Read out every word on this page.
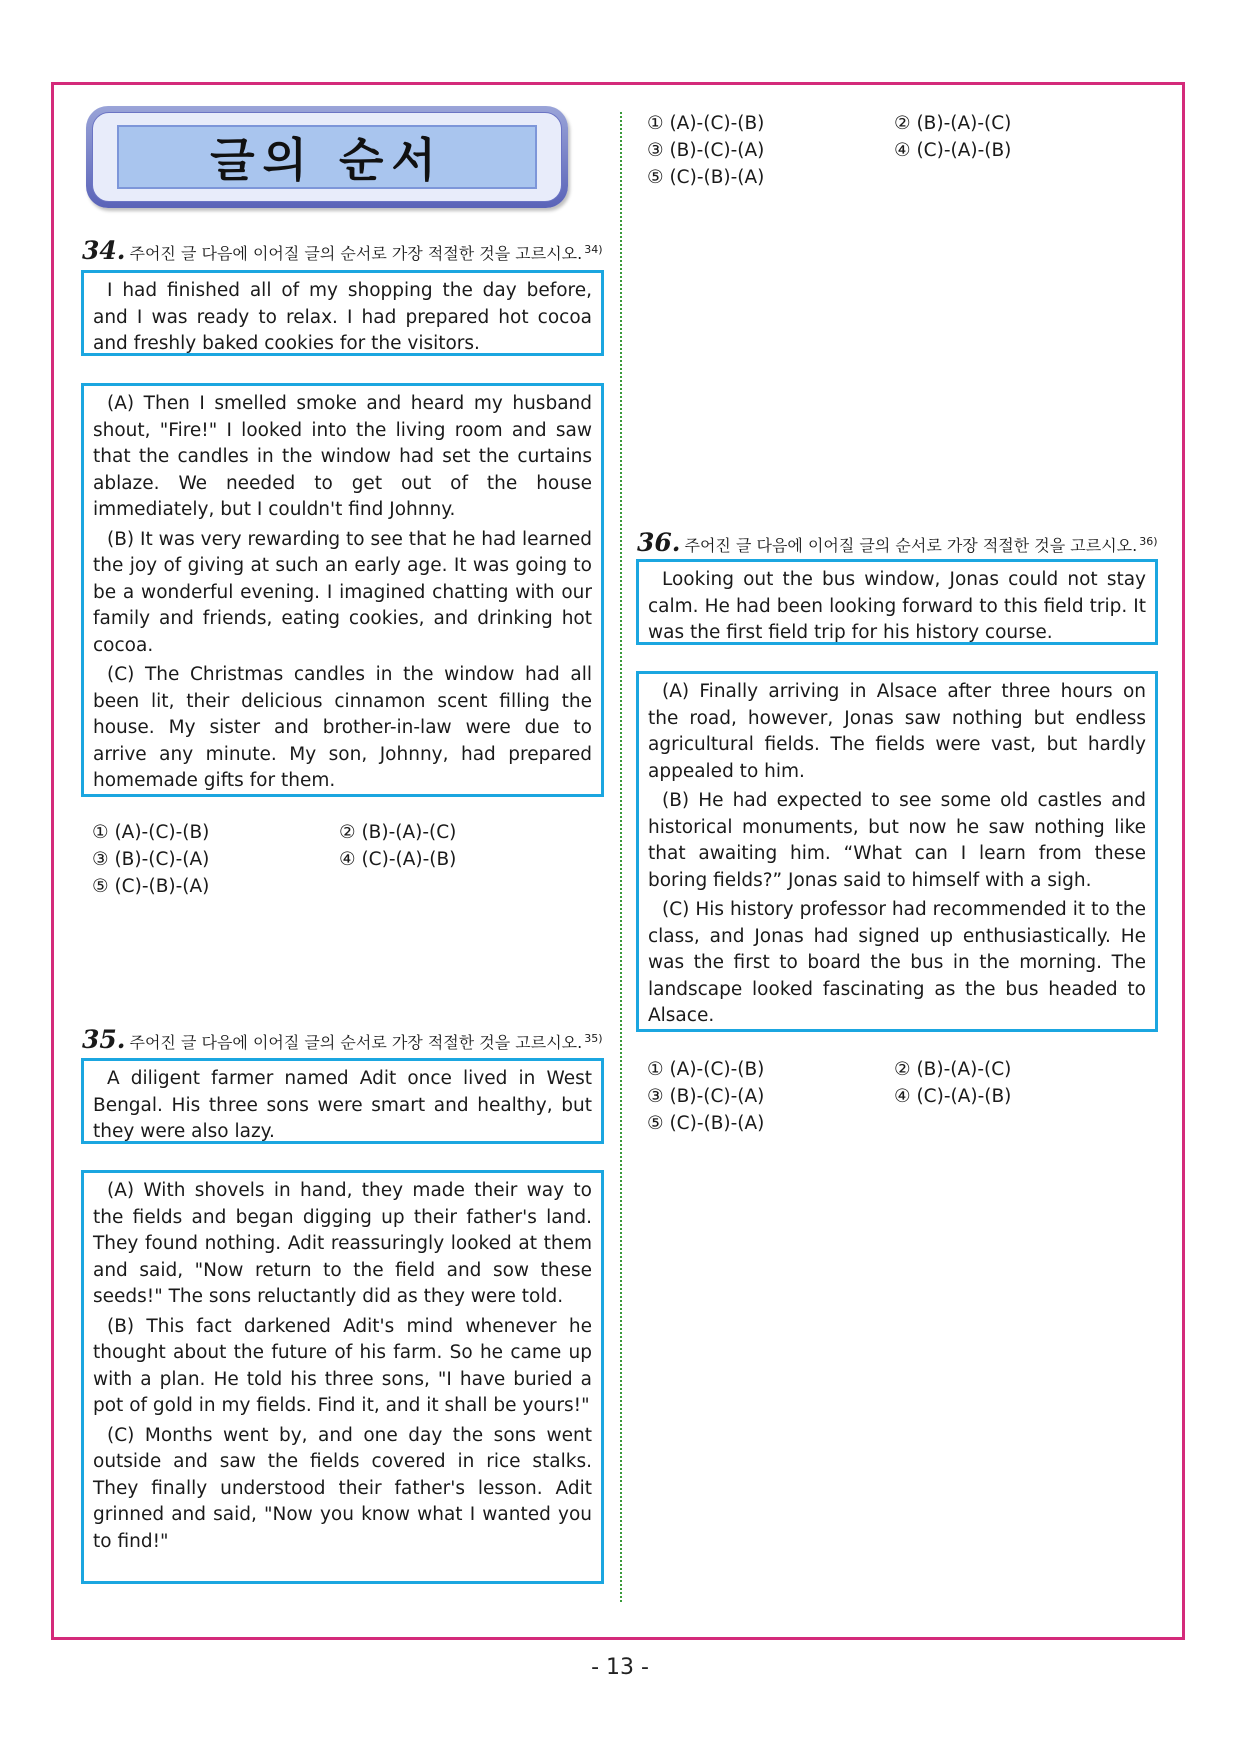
글의 순서
34. 주어진 글 다음에 이어질 글의 순서로 가장 적절한 것을 고르시오. $^{34)}$

I had finished all of my shopping the day before, and I was ready to relax. I had prepared hot cocoa and freshly baked cookies for the visitors.

(A) Then I smelled smoke and heard my husband shout, "Fire!" I looked into the living room and saw that the candles in the window had set the curtains ablaze. We needed to get out of the house immediately, but I couldn't find Johnny.

(B) It was very rewarding to see that he had learned the joy of giving at such an early age. It was going to be a wonderful evening. I imagined chatting with our family and friends, eating cookies, and drinking hot cocoa.

(C) The Christmas candles in the window had all been lit, their delicious cinnamon scent filling the house. My sister and brother-in-law were due to arrive any minute. My son, Johnny, had prepared homemade gifts for them.

① (A)-(C)-(B)	② (B)-(A)-(C)
③ (B)-(C)-(A)	④ (C)-(A)-(B)
⑤ (C)-(B)-(A)
35. 주어진 글 다음에 이어질 글의 순서로 가장 적절한 것을 고르시오. $^{35)}$

A diligent farmer named Adit once lived in West Bengal. His three sons were smart and healthy, but they were also lazy.

(A) With shovels in hand, they made their way to the fields and began digging up their father's land. They found nothing. Adit reassuringly looked at them and said, "Now return to the field and sow these seeds!" The sons reluctantly did as they were told.

(B) This fact darkened Adit's mind whenever he thought about the future of his farm. So he came up with a plan. He told his three sons, "I have buried a pot of gold in my fields. Find it, and it shall be yours!"

(C) Months went by, and one day the sons went outside and saw the fields covered in rice stalks. They finally understood their father's lesson. Adit grinned and said, "Now you know what I wanted you to find!"

① (A)-(C)-(B)	② (B)-(A)-(C)
③ (B)-(C)-(A)	④ (C)-(A)-(B)
⑤ (C)-(B)-(A)
36. 주어진 글 다음에 이어질 글의 순서로 가장 적절한 것을 고르시오. $^{36)}$

Looking out the bus window, Jonas could not stay calm. He had been looking forward to this field trip. It was the first field trip for his history course.

(A) Finally arriving in Alsace after three hours on the road, however, Jonas saw nothing but endless agricultural fields. The fields were vast, but hardly appealed to him.

(B) He had expected to see some old castles and historical monuments, but now he saw nothing like that awaiting him. “What can I learn from these boring fields?” Jonas said to himself with a sigh.

(C) His history professor had recommended it to the class, and Jonas had signed up enthusiastically. He was the first to board the bus in the morning. The landscape looked fascinating as the bus headed to Alsace.

① (A)-(C)-(B)	② (B)-(A)-(C)
③ (B)-(C)-(A)	④ (C)-(A)-(B)
⑤ (C)-(B)-(A)
- 13 -
